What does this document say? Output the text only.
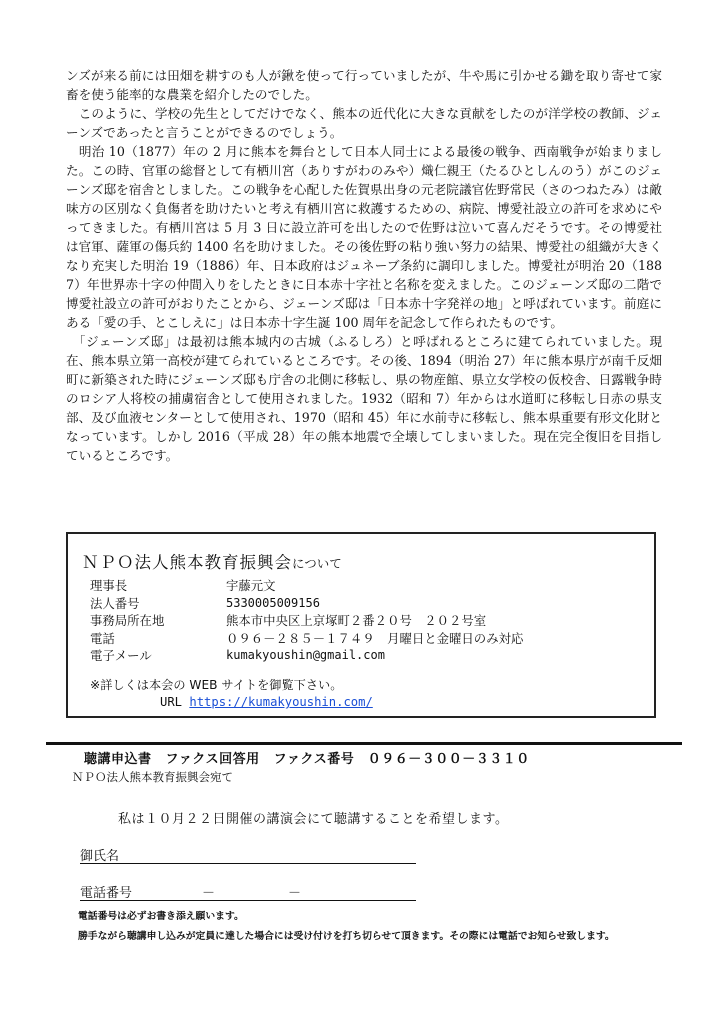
ンズが来る前には田畑を耕すのも人が鍬を使って行っていましたが、牛や馬に引かせる鋤を取り寄せて家畜を使う能率的な農業を紹介したのでした。

　このように、学校の先生としてだけでなく、熊本の近代化に大きな貢献をしたのが洋学校の教師、ジェーンズであったと言うことができるのでしょう。

　明治 10（1877）年の 2 月に熊本を舞台として日本人同士による最後の戦争、西南戦争が始まりました。この時、官軍の総督として有栖川宮（ありすがわのみや）熾仁親王（たるひとしんのう）がこのジェーンズ邸を宿舎としました。この戦争を心配した佐賀県出身の元老院議官佐野常民（さのつねたみ）は敵味方の区別なく負傷者を助けたいと考え有栖川宮に救護するための、病院、博愛社設立の許可を求めにやってきました。有栖川宮は 5 月 3 日に設立許可を出したので佐野は泣いて喜んだそうです。その博愛社は官軍、薩軍の傷兵約 1400 名を助けました。その後佐野の粘り強い努力の結果、博愛社の組織が大きくなり充実した明治 19（1886）年、日本政府はジュネーブ条約に調印しました。博愛社が明治 20（1887）年世界赤十字の仲間入りをしたときに日本赤十字社と名称を変えました。このジェーンズ邸の二階で博愛社設立の許可がおりたことから、ジェーンズ邸は「日本赤十字発祥の地」と呼ばれています。前庭にある「愛の手、とこしえに」は日本赤十字生誕 100 周年を記念して作られたものです。

　「ジェーンズ邸」は最初は熊本城内の古城（ふるしろ）と呼ばれるところに建てられていました。現在、熊本県立第一高校が建てられているところです。その後、1894（明治 27）年に熊本県庁が南千反畑町に新築された時にジェーンズ邸も庁舎の北側に移転し、県の物産館、県立女学校の仮校舎、日露戦争時のロシア人将校の捕虜宿舎として使用されました。1932（昭和 7）年からは水道町に移転し日赤の県支部、及び血液センターとして使用され、1970（昭和 45）年に水前寺に移転し、熊本県重要有形文化財となっています。しかし 2016（平成 28）年の熊本地震で全壊してしまいました。現在完全復旧を目指しているところです。

ＮＰＯ法人熊本教育振興会について
理事長	宇藤元文
法人番号	5330005009156
事務局所在地	熊本市中央区上京塚町２番２０号　２０２号室
電話	０９６－２８５－１７４９　月曜日と金曜日のみ対応
電子メール	kumakyoushin@gmail.com
※詳しくは本会の WEB サイトを御覧下さい。
URL https://kumakyoushin.com/
聴講申込書 ファクス回答用 ファクス番号　０９６－３００－３３１０
ＮＰＯ法人熊本教育振興会宛て
私は１０月２２日開催の講演会にて聴講することを希望します。
御氏名
電話番号	－	－
電話番号は必ずお書き添え願います。
勝手ながら聴講申し込みが定員に達した場合には受け付けを打ち切らせて頂きます。その際には電話でお知らせ致します。
